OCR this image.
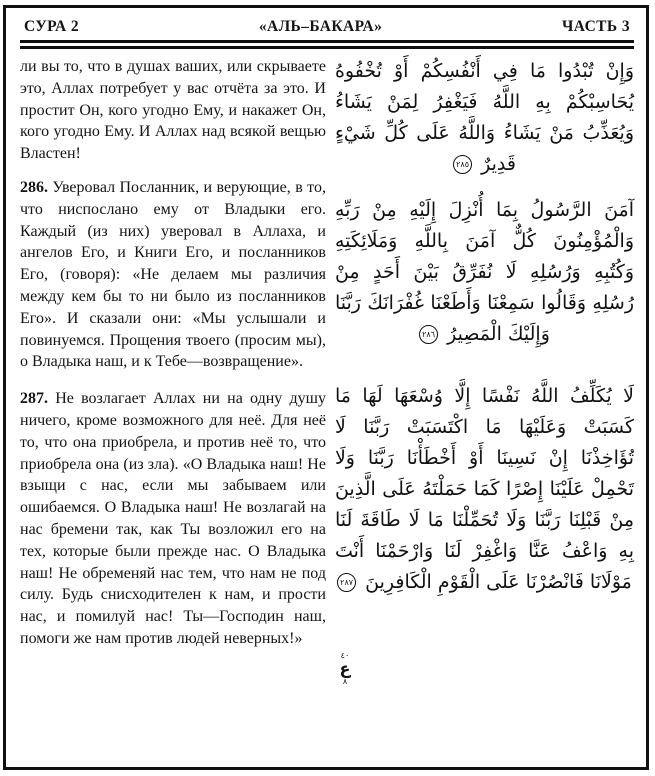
СУРА 2	«АЛЬ–БАКАРА»	ЧАСТЬ 3

ли вы то, что в душах ваших, или скрываете это, Аллах потребует у вас отчёта за это. И простит Он, кого угодно Ему, и накажет Он, кого угодно Ему. И Аллах над всякой вещью Властен!

286. Уверовал Посланник, и верующие, в то, что ниспослано ему от Владыки его. Каждый (из них) уверовал в Аллаха, и ангелов Его, и Книги Его, и посланников Его, (говоря): «Не делаем мы различия между кем бы то ни было из посланников Его». И сказали они: «Мы услышали и повинуемся. Прощения твоего (просим мы), о Владыка наш, и к Тебе—возвращение».

287. Не возлагает Аллах ни на одну душу ничего, кроме возможного для неё. Для неё то, что она приобрела, и против неё то, что приобрела она (из зла). «О Владыка наш! Не взыщи с нас, если мы забываем или ошибаемся. О Владыка наш! Не возлагай на нас бремени так, как Ты возложил его на тех, которые были прежде нас. О Владыка наш! Не обременяй нас тем, что нам не под силу. Будь снисходителен к нам, и прости нас, и помилуй нас! Ты—Господин наш, помоги же нам против людей неверных!»

وَإِنْ تُبْدُوا مَا فِي أَنْفُسِكُمْ أَوْ تُخْفُوهُ يُحَاسِبْكُمْ بِهِ اللَّهُ فَيَغْفِرُ لِمَنْ يَشَاءُ وَيُعَذِّبُ مَنْ يَشَاءُ وَاللَّهُ عَلَى كُلِّ شَيْءٍ قَدِيرٌ ٢٨٥

آمَنَ الرَّسُولُ بِمَا أُنْزِلَ إِلَيْهِ مِنْ رَبِّهِ وَالْمُؤْمِنُونَ كُلٌّ آمَنَ بِاللَّهِ وَمَلَائِكَتِهِ وَكُتُبِهِ وَرُسُلِهِ لَا نُفَرِّقُ بَيْنَ أَحَدٍ مِنْ رُسُلِهِ وَقَالُوا سَمِعْنَا وَأَطَعْنَا غُفْرَانَكَ رَبَّنَا وَإِلَيْكَ الْمَصِيرُ ٢٨٦

لَا يُكَلِّفُ اللَّهُ نَفْسًا إِلَّا وُسْعَهَا لَهَا مَا كَسَبَتْ وَعَلَيْهَا مَا اكْتَسَبَتْ رَبَّنَا لَا تُؤَاخِذْنَا إِنْ نَسِينَا أَوْ أَخْطَأْنَا رَبَّنَا وَلَا تَحْمِلْ عَلَيْنَا إِصْرًا كَمَا حَمَلْتَهُ عَلَى الَّذِينَ مِنْ قَبْلِنَا رَبَّنَا وَلَا تُحَمِّلْنَا مَا لَا طَاقَةَ لَنَا بِهِ وَاعْفُ عَنَّا وَاغْفِرْ لَنَا وَارْحَمْنَا أَنْتَ مَوْلَانَا فَانْصُرْنَا عَلَى الْقَوْمِ الْكَافِرِينَ ٢٨٧

٤٠
ع
٨
